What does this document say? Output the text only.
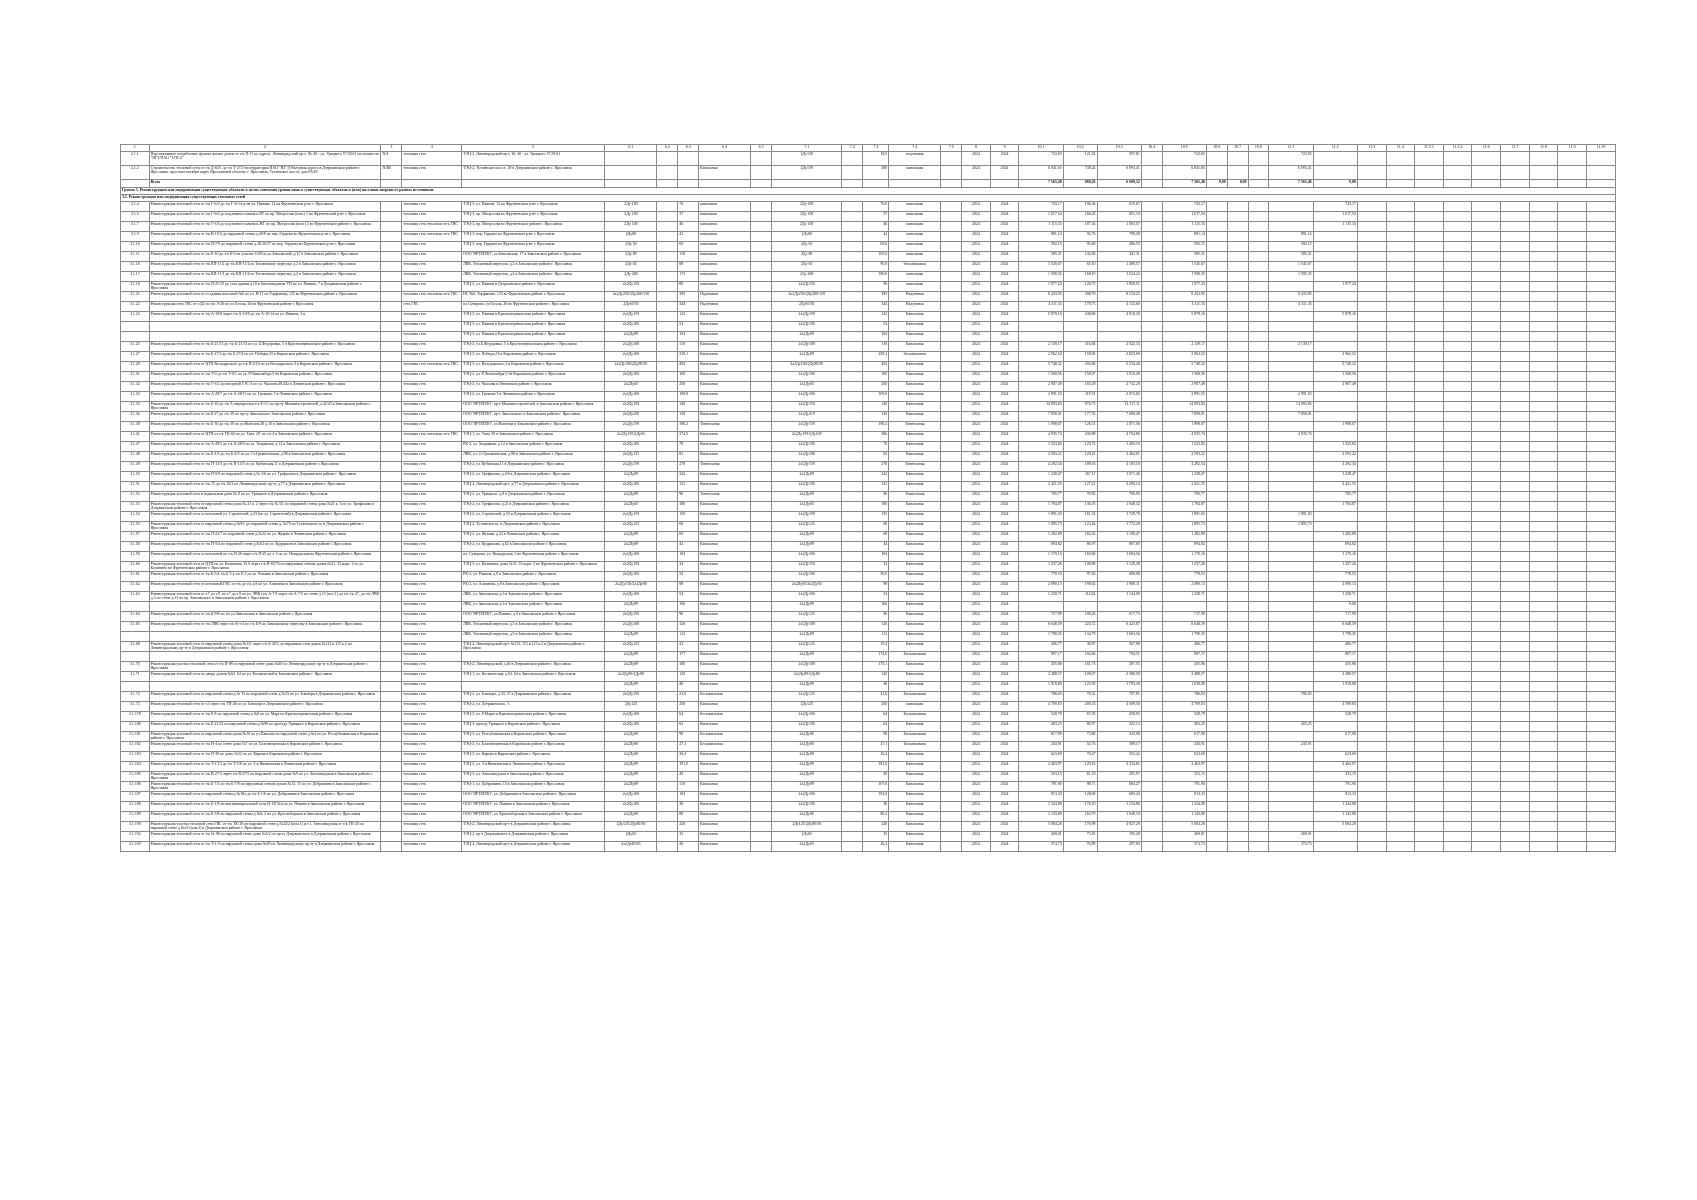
1	2	3	4	5	6.1	6.2	6.3	6.4	6.5	7.1	7.2	7.3	7.4	7.5	8	9	10.1	10.2	10.3	10.4	10.5	10.6	10.7	10.8	11.1	11.2	11.3	11.4	11.5.1	11.5.2	11.6	11.7	11.8	11.9	11.10
2.1.1	Перспективное потребление группы жилых домов от т/к П-11 по адресу: Ленинградский пр-т, 36, 40 - ул. Урицкого 57,59,61 на мощность "ЯГТ/ПАО "ТГК-2"	N/4	тепловая сеть	ТЭЦ-2, Ленинградский пр-т, 36, 40 - ул. Урицкого 57,59,61						2Ду150		18,0	подземная		2024	2024	723,83	121,02	597,81		723,83				723,83										
2.1.2	Строительство тепловой сети от т/к Д-63/1 до т/к Т-2/13 на территории ПАО "ЯЗ" (Объездная дорога в Дзержинском районе г. Ярославль, проспект октября карту Ярославской области, г. Ярославль, Тутаевское шоссе, дом 95/29	N/4В	тепловая сеть	ТЭЦ-2, Тутаевское шоссе, 29 в Дзержинском районе г. Ярославля				Канальная		2Ду159		280	канальная		2024	2024	6 841,65	748,24	6 093,41		6 841,65				6 093,41										
	Всего																7 565,48	868,26	6 699,32		7 565,48	0,00	0,00		7 565,48	0,00									
Группа 3. Реконструкция или модернизация существующих объектов в целях снижения уровня износа существующих объектов и (или) поставки энергии от разных источников																																			
3.1. Реконструкция или модернизация существующих тепловых сетей																																			
3.1.4	Реконструкция тепловой сети от т/к Г-6/2 до т/к Г-6/3 в р-не ул. Панина, 12 на Фрунзенском р-не г. Ярославля		тепловая сеть	ТЭЦ-3, ул. Панина, 12 на Фрунзенском р-не г. Ярославля	2Ду 100		76	канальная		2Ду 100		76,0	канальная		2024	2024	743,17	196,36	619,67		743,17					743,17									
3.1.5	Реконструкция тепловой сети от т/к Г-6/4 до подземного камня к ВТ по пр. Матросова (пом.) 1 на Фрунзенский р-не г. Ярославля		тепловая сеть	ТЭЦ-3, пр. Матросова во Фрунзенском р-не г. Ярославля	2Ду 100		37	канальная		2Ду 100		37	канальная		2024	2024	1 017,54	166,43	851,10		1 017,54					1 017,54									
3.1.7	Реконструкция тепловой сети от т/к Г-6/4 до подземного камня к ЖТ по пр. Матросова (пом.) 2 во Фрунзенском районе г. Ярославля		тепловая сеть тепловая сеть ГВС	ТЭЦ-3, пр. Матросова во Фрунзенском районе г. Ярославля	2Ду 100		46	канальная		2Ду 100		46	канальная		2024	2024	1 115,33	187,34	1 003,07		1 115,33					1 115,33									
3.1.9	Реконструкция тепловой сети от т/к В-15/3 до наружной стены д.26/8 по пер. Герцена во Фрунзенском р-не г. Ярославля		тепловая сеть тепловая сеть ГВС	ТЭЦ-3, пер. Герцена во Фрунзенском р-не г. Ярославля	2Ду80		42	канальная		2Ду80		42	канальная		2024	2024	891,14	92,76	798,38		891,14				891,14										
3.1.10	Реконструкция тепловой сети от т/к П-7/9 до наружной стены д.26/16/37 по пер. Герцена во Фрунзенском р-не г. Ярославля		тепловая сеть	ТЭЦ-3, пер. Герцена во Фрунзенском р-не г. Ярославля	2Ду 50		69	канальная		2Ду 65		69,0	канальная		2024	2024	592,15	95,60	496,55		592,15				592,15										
3.1.11	Реконструкция тепловой сети от т/к Б-10 до т/к Б-6 на участке б.28 по ул.Заволжской, д.17 в Заволжском районе г. Ярославля		тепловая сеть	ООО 'ЯРТЕПЛО', ул.Заволжская, 17 в Заволжском районе г. Ярославля	2Ду 80		110	канальная		2Ду 80		105,0	канальная		2024	2024	585,31	142,00	441,31		585,31				585,31										
3.1.16	Реконструкция тепловой сети от т/к КП-11/2 до т/к КП-11/4 по Тепличному переулку, д.2 в Заволжском районе г. Ярославля		тепловая сеть	ЛВК, Тепличный переулок, д.2 в Заволжском районе г. Ярославля	2Ду 65		88	канальная		2Ду 65		90,0	бесканальная		2024	2024	1 545,67	65,10	1 480,57		1 545,67				1 545,67										
3.1.17	Реконструкция тепловой сети от т/к КП-11/1 до т/к КП-11/4 по Тепличному переулку, д.2 в Заволжском районе г. Ярославля		тепловая сеть	ЛВК, Тепличный переулок, д.2 в Заволжском районе г. Ярославля	2Ду 200		175	канальная		2Ду 200		180,0	канальная		2024	2024	1 590,35	168,19	1 524,22		1 590,35				1 590,35										
3.1.18	Реконструкция тепловой сети от т/к П-21/15 до угла здания д.10 в Автозаводском УП по ул. Панина, 7 в Дзержинском районе г. Ярославля		тепловая сеть	ТЭЦ-2, ул. Панина в Дзержинском районе г. Ярославля	2х2Ду150		88	канальная		2х2Ду150		90	канальная		2024	2024	1 977,24	126,75	1 850,51		1 977,24					1 977,24									
3.1.21	Реконструкция тепловой сети от от здания насосной №6 по ул. Н-11 по Торфянову, 125 во Фрунзенском районе г. Ярославля		тепловая сеть тепловая сеть ГВС	НС №6, Торфянова, 125 во Фрунзенском районе г. Ярославля	2х2Ду250/2Ду200/150		395	Надземная		2х2Ду250/2Ду200/150		395	Надземная		2024	2024	8 433,95	308,70	8 124,25		8 433,95				8 433,95										
3.1.22	Реконструкция сети ГВС от т.Д2 по т/к Э-26 по ул.Гоголя, 26 на Фрунзенском районе г. Ярославля		сеть ГВС	пл.Суворова, ул.Гоголя, 26 во Фрунзенском районе г. Ярославля	2Ду65/50		344	Надземная		2Ду65/50		344	Надземная		2024	2024	4 311,33	178,73	4 132,60		4 311,33				4 311,33										
3.1.23	Реконструкция тепловой сети от т/к А-10/8 через т/к А-10/8 до т/к А-10/14 по ул. Панина, 3 и		тепловая сеть	ТЭЦ-3, ул. Панина в Красноперекопском районе г. Ярославля	2х2Ду159		122	Канальная		2х2Ду159		122	Канальная		2024	2024	5 878,16	248,86	4 818,30		5 878,16					5 878,16									
			тепловая сеть	ТЭЦ-3, ул. Панина в Красноперекопском районе г. Ярославля	2х2Ду100		54	Канальная		2х2Ду100		54	Канальная		2024	2024																			
			тепловая сеть	ТЭЦ-3, ул. Панина в Красноперекопском районе г. Ярославля	2х2Ду89		104	Канальная		2х2Ду89		104	Канальная		2024	2024																			
3.1.25	Реконструкция тепловой сети от т/к Б-21/15 до т/к Б-21/14 по ул. Б.Федоровка, 5 в Красноперекопском районе г. Ярославля		тепловая сеть	ТЭЦ-3, ул.Б.Федоровка, 5 в Красноперекопском районе г. Ярославля	2х2Ду100		110	Канальная		2х2Ду100		110	Канальная		2024	2024	2 139,17	116,84	2 022,33		2 139,17				2 139,17										
3.1.27	Реконструкция тепловой сети от т/к Б-27/2 до т/к Б-27/4 по ул. Победы,33 в Кировском районе г. Ярославля		тепловая сеть	ТЭЦ-3, ул. Победы,33 в Кировском районе г. Ярославля	2х2Ду100		239,1	Канальная		2х2Ду89		239,2	бесканальная		2024	2024	2 962,52	158,83	2 823,69		2 962,52					2 962,52									
3.1.29	Реконструкция тепловой сети от ЦТП Володарского до т/к П-4/10 по ул.Володарского,3 в Кировском районе г. Ярославля		тепловая сеть тепловая сеть ГВС	ТЭЦ-3, ул. Володарского,3 в Кировском районе г. Ярославля	2х2Ду100/2Ду80/50		494	Канальная		2х2Ду100/2Ду80/50		494	Канальная		2024	2024	5 748,32	293,06	5 534,26		5 748,32					5 748,32									
3.1.31	Реконструкция тепловой сети от т/к Т-0 до т/к Т-0/1 по ул. Р.Люксембург,5 бв Кировском районе г. Ярославля		тепловая сеть	ТЭЦ-2, ул. Р.Люксембург,5 бв Кировском районе г. Ярославля	2х2Ду100		100	Канальная		2х2Ду100		100	Канальная		2024	2024	1 568,56	158,07	1 510,49		1 568,56					1 568,56									
3.1.32	Реконструкция тепловой сети от т/к Г-6/2 до нагорной ГЭС-3 по ул. Чкалова,48,44а в Ленинском районе г. Ярославля		тепловая сеть	ТЭЦ-3, ул. Чкалова в Ленинском районе г. Ярославля	2х2Ду65		250	Канальная		2х2Ду65		250	Канальная		2024	2024	2 907,49	165,29	2 742,20		2 907,49					2 907,49									
3.1.33	Реконструкция тепловой сети от т/к А-28/7 до т/к А-28/11 по ул. Громова, 5 в Ленинском районе г. Ярославля		тепловая сеть	ТЭЦ-2, ул. Громова 5 в Ленинском районе г. Ярославля	2х2Ду100		109,0	Канальная		2х2Ду100		109,0	Канальная		2024	2024	2 991,53	119,51	2 872,02		2 991,53				2 991,53										
3.1.35	Реконструкция тепловой сети от т/к Б-18 до т/к А перекрестка т/к Б-1/1 по пр-ту Машиностроителей, д.42/23 в Заволжском районе г. Ярославля		тепловая сеть	ООО 'ЯРТЕПЛО', пр-т Машиностроителей, в Заволжском районе г. Ярославля	2х2Ду159		140	Канальная		2х2Ду159		140	Канальная		2024	2024	14 093,84	976,73	13 117,11		14 093,84				14 093,84										
3.1.36	Реконструкция тепловой сети от т/к Б-27 до т/к 39 по пр-ту Заволжского Заволжском районе г. Ярославля		тепловая сеть	ООО 'ЯРТЕПЛО', пр-т Заволжского в Заволжском районе г. Ярославля	2х2Ду250		130	Канальная		2х2Ду219		130	Канальная		2024	2024	7 858,01	177,53	7 680,48		7 858,01				7 858,01										
3.1.38	Реконструкция тепловой сети от т/к Б-30 до т/к 30 по ул.Ньютона,30 д.10 в Заволжском районе г. Ярославля		тепловая сеть	ООО 'ЯРТЕПЛО', ул.Ньютона в Заволжском районе г. Ярославля	2х2Ду159		190,2	Тоннельная		2х2Ду159		190,2	Тоннельная		2024	2024	1 998,07	126,51	1 871,56		1 998,07					1 998,07									
3.1.41	Реконструкция тепловой сети от ЦТП от т/к ТК-02 по ул. Ткач. 29. по т/к 4 в Заволжском районе г. Ярославля		тепловая сеть тепловая сеть ГВС	ТЭЦ-1, ул. Ткач, 29 в Заволжском районе г. Ярославля	2х2Ду159/2Ду65		274,5	Канальная		2х2Ду159/2Ду100		286	Канальная		2024	2024	4 935,74	230,88	4 704,86		4 935,74				4 935,74										
3.1.47	Реконструкция тепловой сети от т/к А-28/3 до т/к А-28/4 по ул. Хохрякова, д.12 в Заволжском районе г. Ярославля		тепловая сеть	РК-3, ул. Хохрякова, д.12 в Заволжском районе г. Ярославля	2х2Ду100		78	Канальная		2х2Ду100		78	Канальная		2024	2024	1 523,82	120,72	1 403,10		1 523,82					1 523,82									
3.1.48	Реконструкция тепловой сети от т/к Б-4/3 до т/к Б-4/5 по ул. Ст.Гремяченская, д.98 в Заволжском районе г. Ярославля		тепловая сеть	ЛВК, ул. Ст.Гремяченская, д.98 в Заволжском районе г. Ярославля	2х2Ду125		82	Канальная		2х2Ду108		82	Канальная		2024	2024	2 593,22	129,21	2 464,01		2 593,22					2 593,22									
3.1.49	Реконструкция тепловой сети от т/к П-13/3 до т/к П-13/5 по ул. Кубанская,11 в Дзержинском районе г. Ярославля		тепловая сеть	ТЭЦ-2, ул. Кубанская,11 в Дзержинском районе г. Ярославля	2х2Ду159		278	Тоннельная		2х2Ду159		278	Тоннельная		2024	2024	4 292,34	189,16	4 103,18		4 292,34					4 292,34									
3.1.50	Реконструкция тепловой сети от т/к П-5/9 по наружной стене д.№ 3/6 по ул. Трефилова в Дзержинском районе г. Ярославля		тепловая сеть	ТЭЦ-2, ул. Трефилова, д.3/6 в Дзержинском районе г. Ярославля	2х2Ду89		242	Канальная		2х2Ду89		242	Канальная		2024	2024	1 238,47	167,11	1 071,36		1 238,47					1 238,47									
3.1.51	Реконструкция тепловой сети от т/к 15 до т/к 16/3 по Ленинградскому пр-ту д.77 в Дзержинском районе г. Ярославля		тепловая сеть	ТЭЦ-2, Ленинградский пр-т, д.77 в Дзержинском районе г. Ярославля	2х2Ду100		141	Канальная		2х2Ду100		141	Канальная		2024	2024	2 421,55	127,41	2 294,14		2 421,55					2 421,55									
3.1.52	Реконструкция тепловой сети в подвальном доме № 8 по ул. Урицкого в Дзержинском районе г. Ярославля		тепловая сеть	ТЭЦ-2, ул. Урицкого, д.8 в Дзержинском районе г. Ярославля	2х2Ду89		96	Тоннельная		2х2Ду89		96	Тоннельная		2024	2024	785,77	78,82	706,95		785,77					785,77									
3.1.53	Реконструкция тепловой сети от наружной стены дома № 21 к. 2 через т/к № 53, по наружной стены дома №21 к. 3 по ул. Трефилова в Дзержинском районе г. Ярославля		тепловая сеть	ТЭЦ-2, ул. Трефилова, д.21 в Дзержинском районе г. Ярославля	2х2Ду65		186	Канальная		2х2Ду65		186	Канальная		2024	2024	1 784,87	136,55	1 648,32		1 784,87					1 784,87									
3.1.54	Реконструкция тепловой сети от котельной ул. Строителей, д.53 (по ул. Строителей) в Дзержинском районе г. Ярославля		тепловая сеть	ТЭЦ-2, ул. Строителей, д.53 в Дзержинском районе г. Ярославля	2х2Ду159		150	Канальная		2х2Ду159		150	Канальная		2024	2024	1 891,03	161,33	1 729,70		1 891,03				1 891,03										
3.1.55	Реконструкция тепловой сети от наружной стены д.№93, до наружной стены д. №75 по Тутаевскому ш. в Дзержинском районе г. Ярославля		тепловая сеть	ТЭЦ-2, Тутаевское ш. в Дзержинском районе г. Ярославля	2х2Ду125		68	Канальная		2х2Ду125		68	Канальная		2024	2024	1 895,73	123,44	1 772,29		1 895,73				1 895,73										
3.1.57	Реконструкция тепловой сети от т/к П-22/7 по наружной стене д.№22 по ул. Жукова в Ленинском районе г. Ярославля		тепловая сеть	ТЭЦ-2, ул. Жукова, д.22 в Ленинском районе г. Ярославля	2х2Ду89		69	Канальная		2х2Ду89		69	Канальная		2024	2024	1 282,89	182,42	1 100,47		1 282,89					1 282,89									
3.1.58	Реконструкция тепловой сети от т/к П-5/4 по наружной стене д.№62 по ул. Кудряшова в Заволжском районе г. Ярославля		тепловая сеть	ТЭЦ-2, ул. Кудряшова, д.62 в Заволжском районе г. Ярославля	2х2Ду89		44	Канальная		2х2Ду89		44	Канальная		2024	2024	894,82	86,97	807,85		894,82					894,82									
3.1.59	Реконструкция тепловой сети от котельной по т/к П-26 через т/к П-25 до т. 3 по ул. Ньюдорская во Фрунзенском районе г. Ярославля		тепловая сеть	пл. Суворова, ул. Ньюдорская, 3 во Фрунзенском районе г. Ярославля	2х2Ду100		184	Канальная		2х2Ду100		184	Канальная		2024	2024	1 170,16	165,60	1 004,56		1 170,16					1 170,16									
3.1.60	Реконструкция тепловой сети от ЦТП по ул. Калинина, 33 б через т/к П-63/76 по наружным стенам домов №31, 33 корп. 2 по ул. Калинина во Фрунзенском районе г. Ярославля		тепловая сеть	ТЭЦ-3, ул. Калинина, дома №31, 33 корп. 2 во Фрунзенском районе г. Ярославля	2х2Ду159		34	Канальная		2х2Ду159		34	Канальная		2024	2024	1 237,26	108,88	1 128,38		1 237,26					1 237,26									
3.1.61	Реконструкция тепловой сети от т/к Б-5/4 т/к Б-5 к т/к Б-1 по ул. Рыкина в Заволжском районе г. Ярославля		тепловая сеть	РК-3, ул. Рыкина, д.9 в Заволжском районе г. Ярославля	2х2Ду100		54	Канальная		2х2Ду100		50,0	Канальная		2024	2024	778,53	97,63	680,90		778,53					778,53									
3.1.62	Реконструкция тепловой сети от котельной ГВС от т/к до т/к д.8 по ул. Алмазная в Заволжском районе г. Ярославля		тепловая сеть	РК-2, ул. Алмазная, д.8 в Заволжском районе г. Ярославля	2х2Ду150/2х2Ду80		98	Канальная		2х2Ду65/2х2Ду50		98	Канальная		2024	2024	2 090,13	190,02	1 900,11		2 090,13					2 090,13									
3.1.63	Реконструкция тепловой сети от т.7 до т.9, от т.7 до т.9 по ул. ЛВК (т/к А-7/3 через т/к А-7/5 по стене д.15 (поз.1) до т/к т/к 27, до т/к ЛВК д.3 по стене д.15 по пр. Заволжского в Заволжском районе г. Ярославля		тепловая сеть	ЛВК, ул. Заволжская, д.3 в Заволжском районе г. Ярославля	2х2Ду100		54	Канальная		2х2Ду100		54	Канальная		2024	2024	1 258,71	114,62	1 144,09		1 258,71					1 258,71									
			тепловая сеть	ЛВК, ул. Заволжская, д.3 в Заволжском районе г. Ярославля	2х2Ду89		106	Канальная		2х2Ду89		106	Канальная		2024	2024										0,00									
3.1.64	Реконструкция тепловой сети от т/к Б-9/8 по т/к ул.Заволжская в Заволжском районе г. Ярославля		тепловая сеть	ООО 'ЯРТЕПЛО', ул.Панина, д.5 в Заволжском районе г. Ярославля	2х2Ду150		96	Канальная		2х2Ду125		96	Канальная		2024	2024	717,99	100,26	617,73		717,99					717,99									
3.1.65	Реконструкция тепловой сети от т/к ЛВК через т/к К-т/4 по т/к Б-9 по Заволжскому переулку в Заволжском районе г. Ярославля		тепловая сеть	ЛВК, Тепличный переулок, д.5 в Заволжском районе г. Ярославля	2х2Ду100		126	Канальная		2х2Ду100		126	Канальная		2024	2024	6 648,59	224,72	6 423,87		6 648,59					6 648,59									
			тепловая сеть	ЛВК, Тепличный переулок, д.5 в Заволжском районе г. Ярославля	2х2Ду89		112	Канальная		2х2Ду89		112	Канальная		2024	2024	1 798,35	134,79	1 663,56		1 798,35					1 798,35									
3.1.68	Реконструкция тепловой сети от наружной стены дома №111 через т/к Б-20/2 до наружных стен домов №113 и 115 к.2 по Ленинградскому пр-ту в Дзержинском районе г. Ярославля		тепловая сеть	ТЭЦ-2, Ленинградский пр-т №113, 115 и 115 к.2 в Дзержинском районе г. Ярославля	2х2Ду125		22	Канальная		2х2Ду125		19,4	Канальная		2024	2024	406,77	38,87	367,90		406,77					406,77									
			тепловая сеть		2х2Ду89		177	Канальная		2х2Ду89		174,0	Бесканальная		2024	2024	897,17	102,66	794,51		897,17					897,17									
3.1.70	Реконструкция участка тепловой сети от т/к П-08 по наружной стене дома №40 по Ленинградскому пр-ту в Дзержинском районе г. Ярославля		тепловая сеть	ТЭЦ-2, Ленинградский, д.40 в Дзержинском районе г. Ярославля	2х2Ду89		180	Канальная		2х2Ду100		175,1	Канальная		2024	2024	455,86	161,73	297,55		455,86					455,86									
3.1.71	Реконструкция тепловой сети по двору домов №62, 64 по ул. Космической в Заволжском районе г. Ярославля		тепловая сеть	ТЭЦ-1, ул. Космическая, д.62, 64 в Заволжском районе г. Ярославля	2х2Ду89/2Ду80		120	Канальная		2х2Ду89/2Ду80		120	Канальная		2024	2024	2 488,57	108,07	2 380,50		2 488,57					2 488,57									
			тепловая сеть		2х2Ду89		48	Канальная		2х2Ду89		48	Канальная		2024	2024	1 918,80	125,50	1 793,30		1 918,80					1 918,80									
3.1.72	Реконструкция тепловой сети от наружной стены д.№ 33 по наружной стене д.№33 по ул. Блюхера в Дзержинском районе г. Ярославля		тепловая сеть	ТЭЦ-2, ул. Блюхера, д.33, 37 в Дзержинском районе г. Ярославля	2х2Ду150		21,6	Бесканальная		2х2Ду125		21,6	Бесканальная		2024	2024	786,03	78,22	707,81		786,03				786,03										
3.1.73	Реконструкция тепловой сети от т.3 через т/к ТП-26 по ул. Блюхера в Дзержинском районе г. Ярославля		тепловая сеть	ТЭЦ-2, ул. Дзержинского, 3	2Ду125		250	Канальная		2Ду125		250	канальная		2024	2024	4 709,83	200,33	4 509,50		4 709,83					4 709,83									
3.1.178	Реконструкция тепловой сети от т/к Б-8 по наружной стены д.№8 по ул. Марта в Красноперекопском районе г. Ярославля		тепловая сеть	ТЭЦ-3, ул. 8 Марта в Красноперекопском районе г. Ярославля	2х2Ду100		64	Бесканальная		2х2Ду100		64	Бесканальная		2024	2024	528,79	67,03	458,93		528,79					528,79									
3.1.180	Реконструкция тепловой сети от т/к Б-21/32 по наружной стены д.№90 по проезду Урицкого в Кировском районе г. Ярославля		тепловая сеть	ТЭЦ-3, проезд Урицкого в Кировском районе г. Ярославля	2х2Ду100		62	Канальная		2х2Ду100		62	Канальная		2024	2024	403,25	80,97	322,13		403,25				403,25										
3.1.181	Реконструкция тепловой сети от наружной стены дома №10 по ул.Павлова по наружной стене д.№2 по ул. Республиканская в Кировском районе г. Ярославля		тепловая сеть	ТЭЦ-3, ул. Республиканская в Кировском районе г. Ярославля	2х2Ду80		98	Бесканальная		2х2Ду80		98	Бесканальная		2024	2024	617,90	73,80	543,90		617,90					617,90									
3.1.182	Реконструкция тепловой сети от т/к Н-4 по стене дома №7 по ул. Благовещенская в Кировском районе г. Ярославля		тепловая сеть	ТЭЦ-3, ул. Благовещенская в Кировском районе г. Ярославля	2х2Ду80		27,1	Бесканальная		2х2Ду80		27,1	Бесканальная		2024	2024	243,91	54,74	189,17		243,91				243,91										
3.1.183	Реконструкция тепловой сети от т/к П-38 по дому №32 по ул. Кирова в Кировском районе г. Ярославля		тепловая сеть	ТЭЦ-3, ул. Кирова в Кировском районе г. Ярославля	2х2Ду80		26,4	Канальная		2х2Ду80		26,4	Канальная		2024	2024	623,69	70,27	553,42		623,69					623,69									
3.1.184	Реконструкция тепловой сети от т/к Т-1/13 до т/к Т-5/8 по ул. 3-я Яковлевская в Ленинском районе г. Ярославля		тепловая сеть	ТЭЦ-2, ул. 3-я Яковлевская в Ленинском районе г. Ярославля	2х2Ду89		181,0	Канальная		2х2Ду89		181,0	Канальная		2024	2024	2 463,97	129,16	2 334,81		2 463,97					2 463,97									
3.1.185	Реконструкция тепловой сети от т/к В-27/3 через т/к В-27/5 по наружной стены дома №9 по ул. Автозаводская в Заволжском районе г. Ярославля		тепловая сеть	ТЭЦ-3, ул. Автозаводская в Заволжском районе г. Ярославля	2х2Ду89		49	Канальная		2х2Ду89		49	Канальная		2024	2024	353,15	61,18	291,97		353,15					353,15									
3.1.186	Реконструкция тепловой сети от т/к Б-7/4 по т/к Б-7/8 по наружным стенам домов №13, 15 по ул. Добрынина в Заволжском районе г. Ярославля		тепловая сеть	ТЭЦ-1, ул. Добрынина, 13 в Заволжском районе г. Ярославля	2х2Ду89		110	Канальная		2х2Ду89		107,6	Канальная		2024	2024	791,90	98,71	684,27		791,90					791,90									
3.1.187	Реконструкция тепловой сети от наружной стены д.№18а до т/к Б-1/6 по ул. Добрынина в Заволжском районе г. Ярославля		тепловая сеть	ООО 'ЯРТЕПЛО', ул. Добрынина в Заволжском районе г. Ярославля	2х2Ду100		184	Канальная		2х2Ду100		183,0	Канальная		2024	2024	813,33	128,00	685,43		813,33					813,33									
3.1.188	Реконструкция тепловой сети от т/к Б-1/8 по внутриквартальной сети Ц-1/8 №4 по ул. Панина в Заволжском районе г. Ярославля		тепловая сеть	ООО 'ЯРТЕПЛО', ул. Панина в Заволжском районе г. Ярославля	2х2Ду100		38	Канальная		2х2Ду100		38	Канальная		2024	2024	1 324,80	170,10	1 154,80		1 324,80					1 324,80									
3.1.189	Реконструкция тепловой сети от т/к Б-5/8 по наружной стены д.№6, 2 по ул. Красноборская в Заволжском районе г. Ярославля		тепловая сеть	ООО 'ЯРТЕПЛО', ул. Красноборская в Заволжском районе г. Ярославля	2х2Ду80		88	Канальная		2х2Ду80		88,4	Канальная		2024	2024	1 143,80	163,79	1 040,10		1 143,80					1 143,80									
3.1.190	Реконструкция участка тепловой сети ГВС от т/к ТК-20 по наружной стене д.№22/2 (пом.1) и т.1. Автозаводская от т/к ТК-20 по наружной стене д.№23 (пом.2) в Дзержинском районе г. Ярославля		тепловая сеть	ТЭЦ-2, Ленинградский пр-т в Дзержинском районе г. Ярославля	2Ду125/2Ду80/50		226	Канальная		2Ду125/2Ду80/50		226	Канальная		2024	2024	5 004,28	176,99	4 827,29		5 004,28					5 004,28									
3.1.192	Реконструкция тепловой сети от т/к № 99 по наружной стене дома №3/2 по пр-ту Дзержинского в Дзержинском районе г. Ярославля		тепловая сеть	ТЭЦ-2, пр-т Дзержинского в Дзержинском районе г. Ярославля	2Ду65		35	Канальная		2Ду65		35	Канальная		2024	2024	269,01	73,81	195,20		269,01				269,01										
3.1.193	Реконструкция тепловой сети от т/к Т-1/3 по наружной стены дома №69 по Ленинградскому пр-ту в Дзержинском районе г. Ярославля		тепловая сеть	ТЭЦ-2, Ленинградский пр-т в Дзержинском районе г. Ярославля	2х2Ду65/65		26	Канальная		2х2Ду65		26,4	Канальная		2024	2024	374,73	76,89	297,84		374,73				374,73										
